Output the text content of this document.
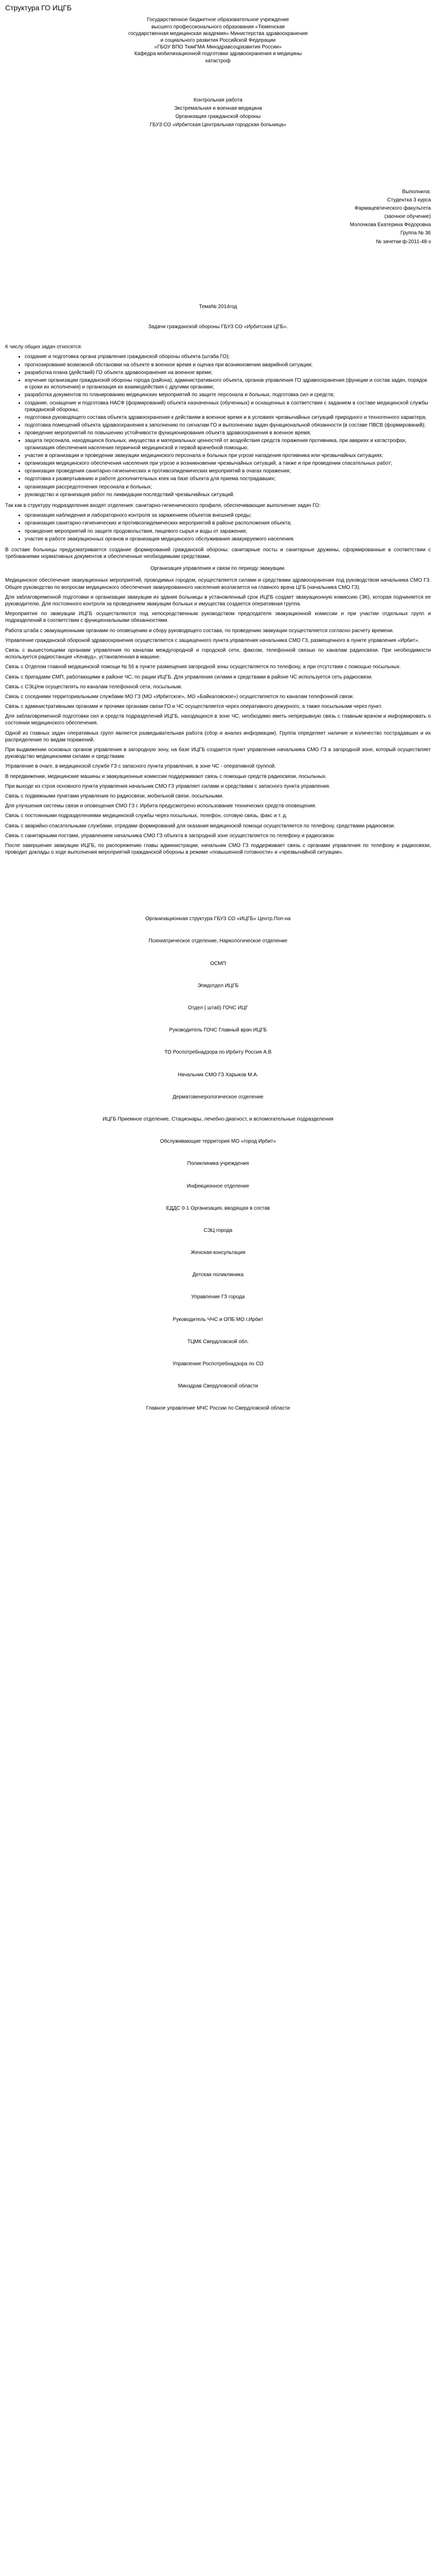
Структура ГО ИЦГБ
Государственное бюджетное образовательное учреждение
высшего профессионального образования «Тюменская
государственная медицинская академия» Министерства здравоохранения
и социального развития Российской Федерации
«ГБОУ ВПО ТюмГМА Минздравсоцразвития России»
Кафедра мобилизационной подготовки здравоохранения и медицины
катастроф
Контрольная работа
Экстремальная и военная медицина
Организация гражданской обороны
ГБУЗ СО «Ирбитская Центральная городская больница»
Выполнила:
Студентка 3 курса
Фармацевтического факультета
(заочное обучение)
Молочкова Екатерина Федоровна
Группа № 36
№ зачетки ф-2011-48-з
Тема№ 2014год
Задачи гражданской обороны ГБУЗ СО «Ирбитская ЦГБ».

К числу общих задач относятся:

• создание и подготовка органа управления гражданской обороны объекта (штаба ГО);
• прогнозирование возможной обстановки на объекте в военное время и оценка при возникновении аварийной ситуации;
• разработка плана (действий) ГО объекта здравоохранения на военное время;
• изучение организации гражданской обороны города (района), административного объекта, органов управления ГО здравоохранения (функции и состав задач, порядок и сроки их исполнения) и организация их взаимодействия с другими органами;
• разработка документов по планированию медицинских мероприятий по защите персонала и больных, подготовка сил и средств;
• создание, оснащение и подготовка НАСФ (формирований) объекта назначенных (обученных) и оснащенных в соответствии с заданием в составе медицинской службы гражданской обороны;
• подготовка руководящего состава объекта здравоохранения к действиям в военное время и в условиях чрезвычайных ситуаций природного и техногенного характера;
• подготовка помещений объекта здравоохранения к заполнению по сигналам ГО и выполнению задач функциональной обязанности (в составе ПВСВ (формирований);
• проведение мероприятий по повышению устойчивости функционирования объекта здравоохранения в военное время;
• защита персонала, находящихся больных, имущества и материальных ценностей от воздействия средств поражения противника, при авариях и катастрофах, организация обеспечения населения первичной медицинской и первой врачебной помощью;
• участие в организации и проведении эвакуации медицинского персонала и больных при угрозе нападения противника или чрезвычайных ситуациях;
• организация медицинского обеспечения населения при угрозе и возникновении чрезвычайных ситуаций, а также и при проведении спасательных работ;
• организация проведения санитарно-гигиенических и противоэпидемических мероприятий в очагах поражения;
• подготовка к развертыванию и работе дополнительных коек на базе объекта для приема пострадавших;
• организация рассредоточения персонала и больных;
• руководство и организация работ по ликвидации последствий чрезвычайных ситуаций.

Так как в структуру подразделения входят отделения: санитарно-гигиенического профиля, обеспечивающие выполнение задач ГО:

• организация наблюдения и лабораторного контроля за заражением объектов внешней среды;
• организация санитарно-гигиенических и противоэпидемических мероприятий в районе расположения объекта;
• проведение мероприятий по защите продовольствия, пищевого сырья и воды от заражения;
• участие в работе эвакуационных органов и организация медицинского обслуживания эвакуируемого населения.

В составе больницы предусматривается создание формирований гражданской обороны: санитарные посты и санитарные дружины, сформированные в соответствии с требованиями нормативных документов и обеспеченные необходимыми средствами.

Организация управления и связи по периоду эвакуации.

Медицинское обеспечение эвакуационных мероприятий, проводимых городом, осуществляется силами и средствами здравоохранения под руководством начальника СМО ГЗ. Общее руководство по вопросам медицинского обеспечения эвакуированного населения возлагается на главного врача ЦГБ (начальника СМО ГЗ).

Для заблаговременной подготовки и организации эвакуации из здания больницы в установленный срок ИЦГБ создает эвакуационную комиссию (ЭК), которая подчиняется ее руководителю. Для постоянного контроля за проведением эвакуации больных и имущества создается оперативная группа.

Мероприятия по эвакуации ИЦГБ осуществляются под непосредственным руководством председателя эвакуационной комиссии и при участии отдельных групп и подразделений в соответствии с функциональными обязанностями.

Работа штаба с эвакуационными органами по оповещению и сбору руководящего состава, по проведению эвакуации осуществляется согласно расчету времени.

Управление гражданской обороной здравоохранения осуществляется с защищенного пункта управления начальника СМО ГЗ, размещенного в пункте управления «Ирбит».

Связь с вышестоящими органами управления по каналам междугородной и городской сети, факсом, телефонной связью по каналам радиосвязи. При необходимости используется радиостанция «Кенвуд», установленная в машине.

Связь с Отделом главной медицинской помощи № 56 в пункте размещения загородной зоны осуществляется по телефону, а при отсутствии с помощью посыльных.

Связь с бригадами СМП, работающими в районе ЧС, по рации ИЦГБ. Для управления силами и средствами в районе ЧС используется сеть радиосвязи.

Связь с СЭЦ/ем осуществлять по каналам телефонной сети, посыльным.

Связь с соседними территориальными службами МО ГЗ (МО «Ирбитское», МО «Байкаловское») осуществляется по каналам телефонной связи.

Связь с административными органами и прочими органами связи ГО и ЧС осуществляется через оперативного дежурного, а также посыльными через пункт.

Для заблаговременной подготовки сил и средств подразделений ИЦГБ, находящихся в зоне ЧС, необходимо иметь непрерывную связь с главным врачом и информировать о состоянии медицинского обеспечения.

Одной из главных задач оперативных групп является разведывательная работа (сбор и анализ информации). Группа определяет наличие и количество пострадавших и их распределение по видам поражений.

При выдвижении основных органов управления в загородную зону, на базе ИЦГБ создается пункт управления начальника СМО ГЗ в загородной зоне, который осуществляет руководство медицинскими силами и средствами.

Управление в очаге, в медицинской службе ГЗ с запасного пункта управления, в зоне ЧС - оперативной группой.

В передвижении, медицинские машины и эвакуационные комиссии поддерживают связь с помощью средств радиосвязи, посыльных.

При выходе из строя основного пункта управления начальник СМО ГЗ управляет силами и средствами с запасного пункта управления.

Связь с подвижными пунктами управления по радиосвязи, мобильной связи, посыльными.

Для улучшения системы связи и оповещения СМО ГЗ г. Ирбита предусмотрено использование технических средств оповещения.

Связь с постоянными подразделениями медицинской службы через посыльных, телефон, сотовую связь, факс и т. д.

Связь с аварийно-спасательными службами, отрядами формирований для оказания медицинской помощи осуществляется по телефону, средствами радиосвязи.

Связь с санитарными постами, управлением начальника СМО ГЗ объекта в загородной зоне осуществляется по телефону и радиосвязи.

После завершения эвакуации ИЦГБ, по распоряжению главы администрации, начальник СМО ГЗ поддерживает связь с органами управления по телефону и радиосвязи, проводит доклады о ходе выполнения мероприятий гражданской обороны в режиме «повышенной готовности» и «чрезвычайной ситуации».

Организационная структура ГБУЗ СО «ИЦГБ» Центр.Поп-на
Психиатрическое отделение, Наркологическое отделение
ОСМП
Эпидотдел ИЦГБ
Отдел ( штаб) ГОЧС ИЦГ
Руководитель ГОЧС Главный врач ИЦГБ
ТО Роспотребнадзора по Ирбиту Россия А.В
Начальник СМО ГЗ Харыков М.А.
Дерматовенерологическое отделение
ИЦГБ Приемное отделение, Стационары, лечебно-диагност, и вспомогательные подразделения
Обслуживающие территория МО «город Ирбит»
Поликлиника учреждения
Инфекционное отделение
ЕДДС 0-1 Организация, вводящая в состав
СЭЦ города
Женская консультация
Детская поликлиника
Управление ГЗ города
Руководитель ЧЧС и ОПБ МО г.Ирбит
ТЦМК Свердловской обл.
Управление Роспотребнадзора по СО
Минздрав Свердловской области
Главное управление МЧС России по Свердловской области
